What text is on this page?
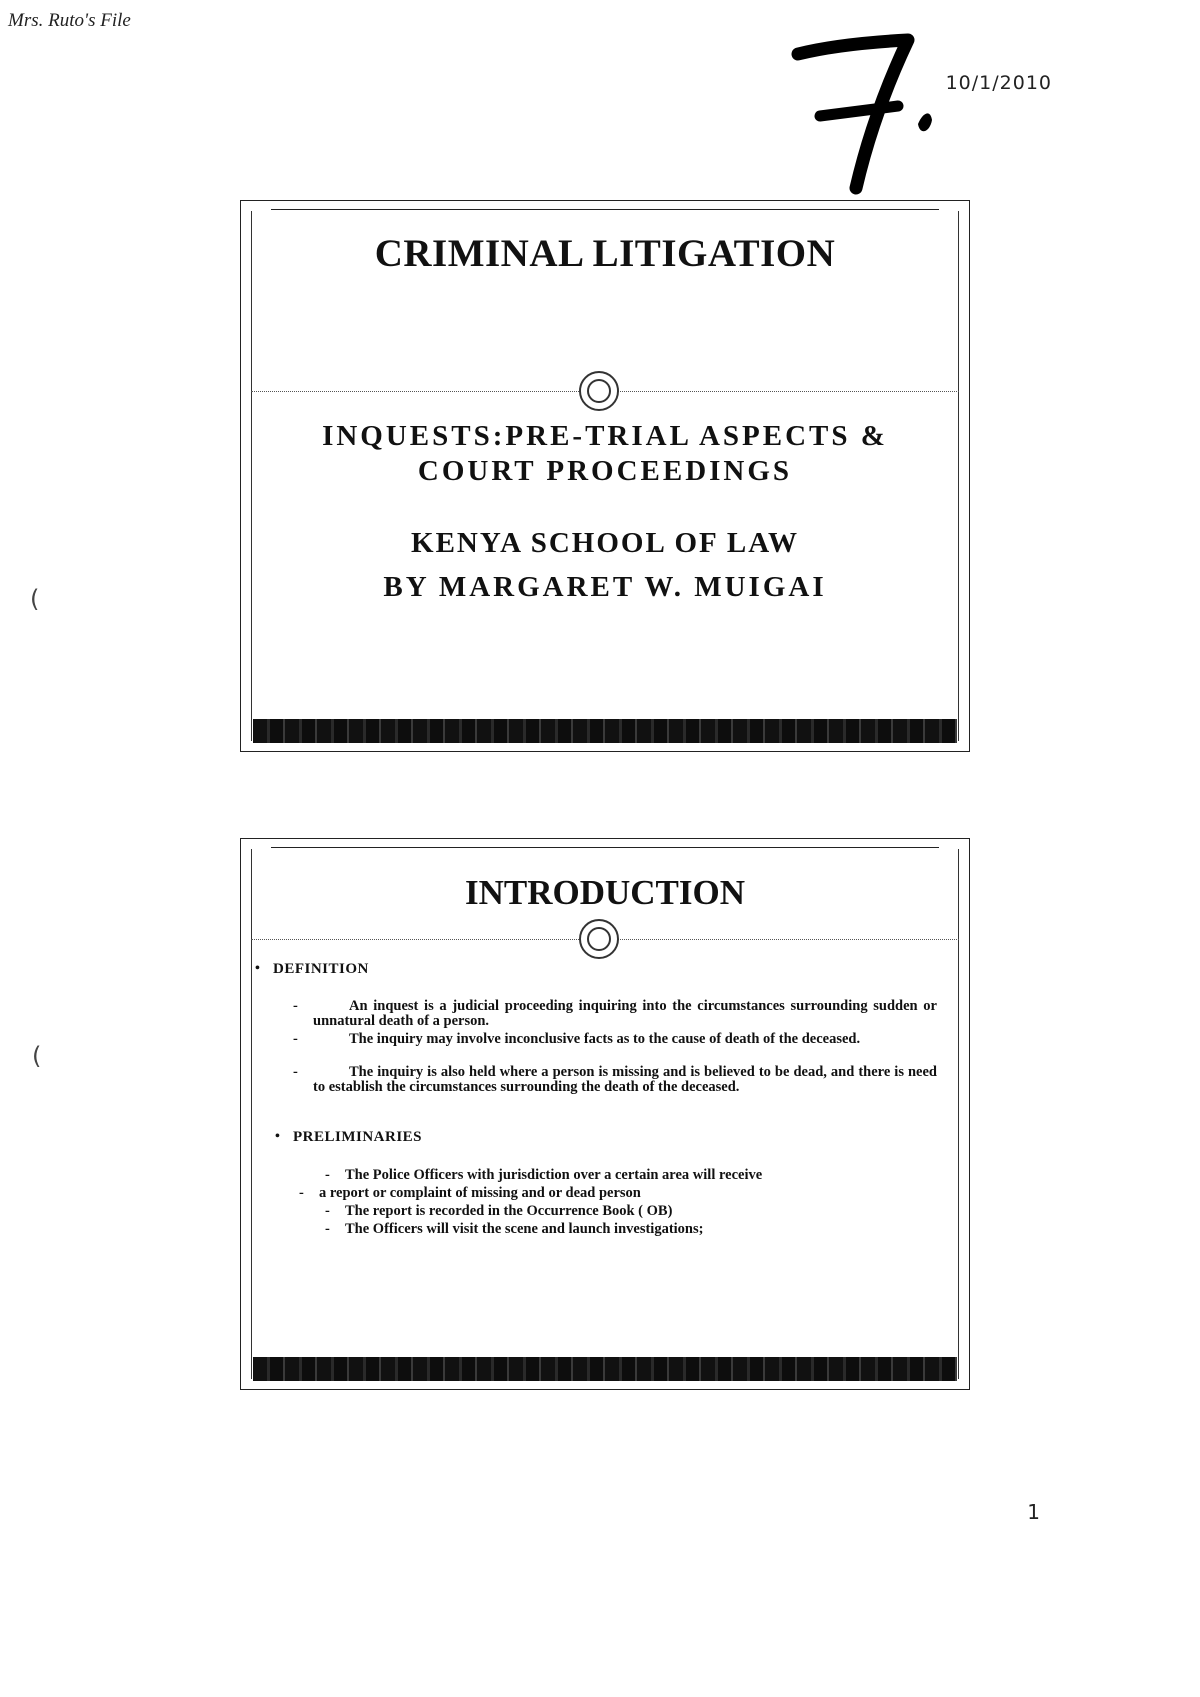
Mrs. Ruto's File
10/1/2010
(
(
CRIMINAL LITIGATION
INQUESTS:PRE-TRIAL ASPECTS & COURT PROCEEDINGS
KENYA SCHOOL OF LAW
BY MARGARET W. MUIGAI
INTRODUCTION
• DEFINITION
- An inquest is a judicial proceeding inquiring into the circumstances surrounding sudden or unnatural death of a person.
- The inquiry may involve inconclusive facts as to the cause of death of the deceased.
- The inquiry is also held where a person is missing and is believed to be dead, and there is need to establish the circumstances surrounding the death of the deceased.
• PRELIMINARIES
- The Police Officers with jurisdiction over a certain area will receive
- a report or complaint of missing and or dead person
- The report is recorded in the Occurrence Book ( OB)
- The Officers will visit the scene and launch investigations;
1
